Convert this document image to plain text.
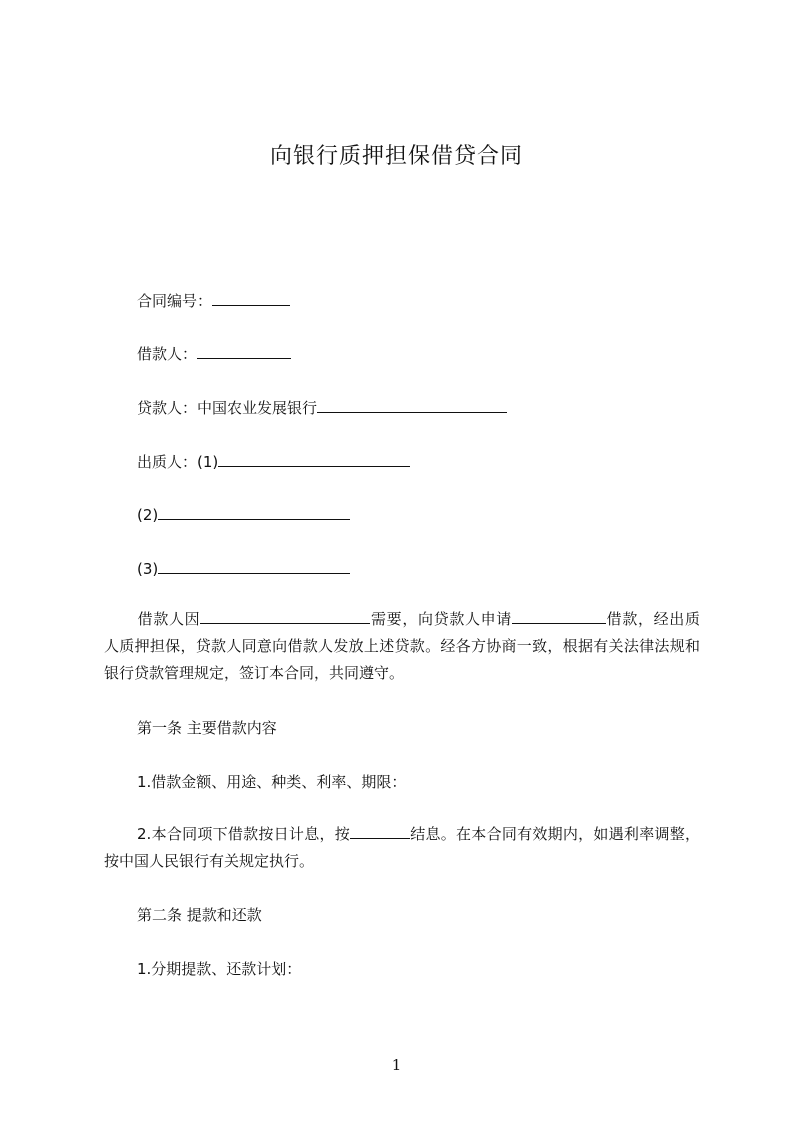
向银行质押担保借贷合同
合同编号：
借款人：
贷款人：中国农业发展银行
出质人：(1)
(2)
(3)

借款人因	需要，向贷款人申请	借款，经出质人质押担保，贷款人同意向借款人发放上述贷款。经各方协商一致，根据有关法律法规和银行贷款管理规定，签订本合同，共同遵守。

第一条 主要借款内容
1.借款金额、用途、种类、利率、期限：

2.本合同项下借款按日计息，按	结息。在本合同有效期内，如遇利率调整，按中国人民银行有关规定执行。

第二条 提款和还款
1.分期提款、还款计划：
1
